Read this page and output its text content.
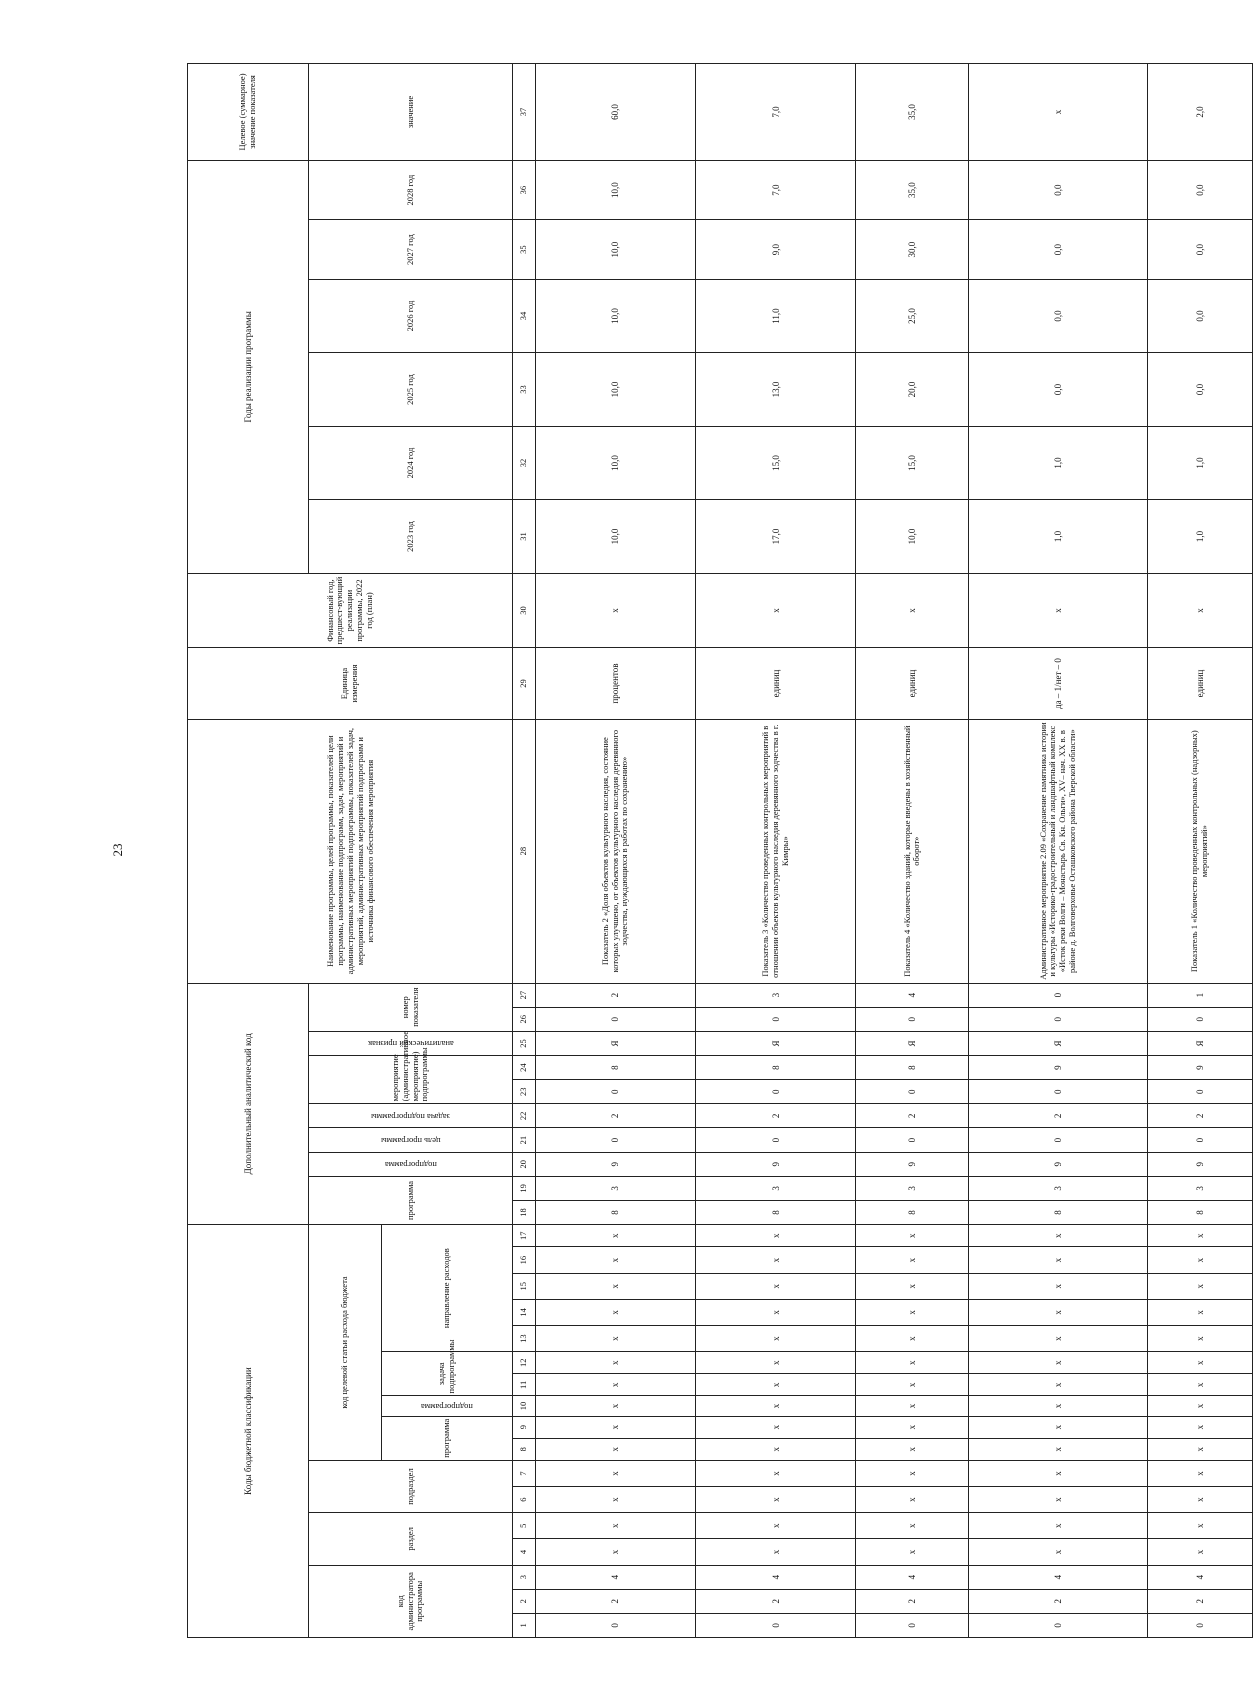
23
Коды бюджетной классификации																	Дополнительный аналитический код										Наименование программы, целей программы, показателей цели программы, наименование подпрограмм, задач, мероприятий и административных мероприятий подпрограммы, показателей задач, мероприятий, административных мероприятий подпрограмм и источника финансового обеспечения мероприятия	Единица измерения	Финансовый год, предшест-вующий реализации программы, 2022 год (план)	Годы реализации программы						Целевое (суммарное) значение показателя
код администратора программы			раздел		подраздел		код целевой статьи расхода бюджета										программа		подпрограмма	цель программы	задача подпрограммы	мероприятие (административное мероприятие) подпрограммы		аналитический признак	номер показателя					2023 год	2024 год	2025 год	2026 год	2027 год	2028 год	значение
							программа		подпрограмма	задача подпрограммы		направление расходов																								

1	2	3	4	5	6	7	8	9	10	11	12	13	14	15	16	17	18	19	20	21	22	23	24	25	26	27	28	29	30	31	32	33	34	35	36	37
0	2	4	х	х	х	х	х	х	х	х	х	х	х	х	х	х	8	3	9	0	2	0	8	Я	0	2	Показатель 2 «Доля объектов культурного наследия, состояние которых улучшено, от объектов культурного наследия деревянного зодчества, нуждающихся в работах по сохранению»	процентов	х	10,0	10,0	10,0	10,0	10,0	10,0	60,0
0	2	4	х	х	х	х	х	х	х	х	х	х	х	х	х	х	8	3	9	0	2	0	8	Я	0	3	Показатель 3 «Количество проведенных контрольных мероприятий в отношении объектов культурного наследия деревянного зодчества в г. Кимры»	единиц	х	17,0	15,0	13,0	11,0	9,0	7,0	7,0
0	2	4	х	х	х	х	х	х	х	х	х	х	х	х	х	х	8	3	9	0	2	0	8	Я	0	4	Показатель 4 «Количество зданий, которые введены в хозяйственный оборот»	единиц	х	10,0	15,0	20,0	25,0	30,0	35,0	35,0
0	2	4	х	х	х	х	х	х	х	х	х	х	х	х	х	х	8	3	9	0	2	0	9	Я	0	0	Административное мероприятие 2.09 «Сохранение памятника истории и культуры «Историко-градостроительный и ландшафтный комплекс «Исток реки Волги – Монастырь Св. Кн. Ольги», XV– нач. XX в. в районе д. Волговерховье Осташковского района Тверской области»	да – 1/нет – 0	х	1,0	1,0	0,0	0,0	0,0	0,0	х
0	2	4	х	х	х	х	х	х	х	х	х	х	х	х	х	х	8	3	9	0	2	0	9	Я	0	1	Показатель 1 «Количество проведенных контрольных (надзорных) мероприятий»	единиц	х	1,0	1,0	0,0	0,0	0,0	0,0	2,0
